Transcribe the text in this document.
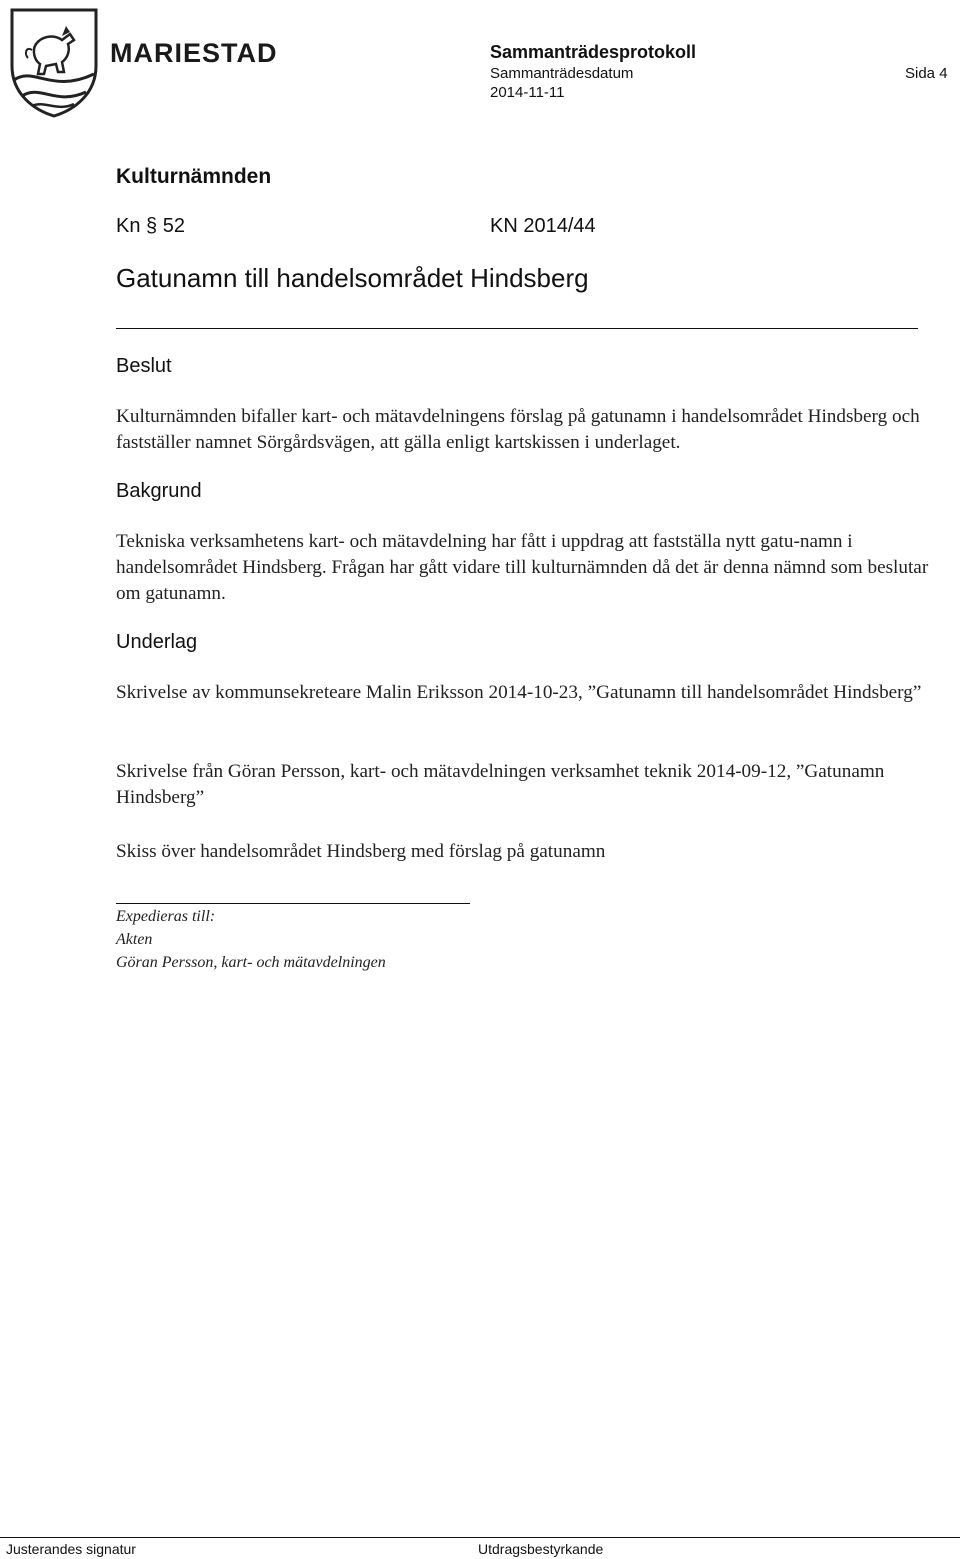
MARIESTAD	Sammanträdesprotokoll
Sammanträdesdatum
2014-11-11
Sida 4
Kulturnämnden
Kn § 52	KN 2014/44
Gatunamn till handelsområdet Hindsberg
Beslut

Kulturnämnden bifaller kart- och mätavdelningens förslag på gatunamn i handelsområdet Hindsberg och fastställer namnet Sörgårdsvägen, att gälla enligt kartskissen i underlaget.

Bakgrund

Tekniska verksamhetens kart- och mätavdelning har fått i uppdrag att fastställa nytt gatu-namn i handelsområdet Hindsberg. Frågan har gått vidare till kulturnämnden då det är denna nämnd som beslutar om gatunamn.

Underlag

Skrivelse av kommunsekreteare Malin Eriksson 2014-10-23, ”Gatunamn till handelsområdet Hindsberg”

Skrivelse från Göran Persson, kart- och mätavdelningen verksamhet teknik 2014-09-12, ”Gatunamn Hindsberg”

Skiss över handelsområdet Hindsberg med förslag på gatunamn

Expedieras till:
Akten
Göran Persson, kart- och mätavdelningen
Justerandes signatur	Utdragsbestyrkande
